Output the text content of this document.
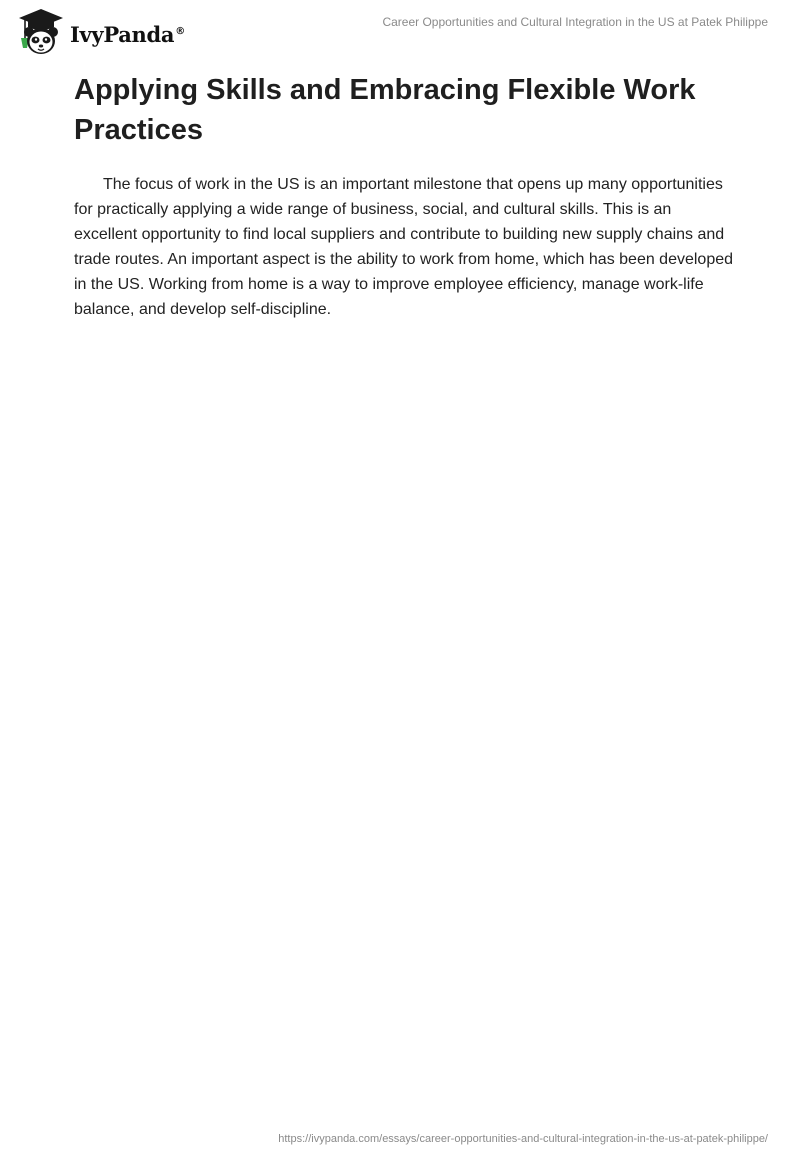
IvyPanda®
Career Opportunities and Cultural Integration in the US at Patek Philippe
Applying Skills and Embracing Flexible Work Practices

The focus of work in the US is an important milestone that opens up many opportunities for practically applying a wide range of business, social, and cultural skills. This is an excellent opportunity to find local suppliers and contribute to building new supply chains and trade routes. An important aspect is the ability to work from home, which has been developed in the US. Working from home is a way to improve employee efficiency, manage work-life balance, and develop self-discipline.

https://ivypanda.com/essays/career-opportunities-and-cultural-integration-in-the-us-at-patek-philippe/
